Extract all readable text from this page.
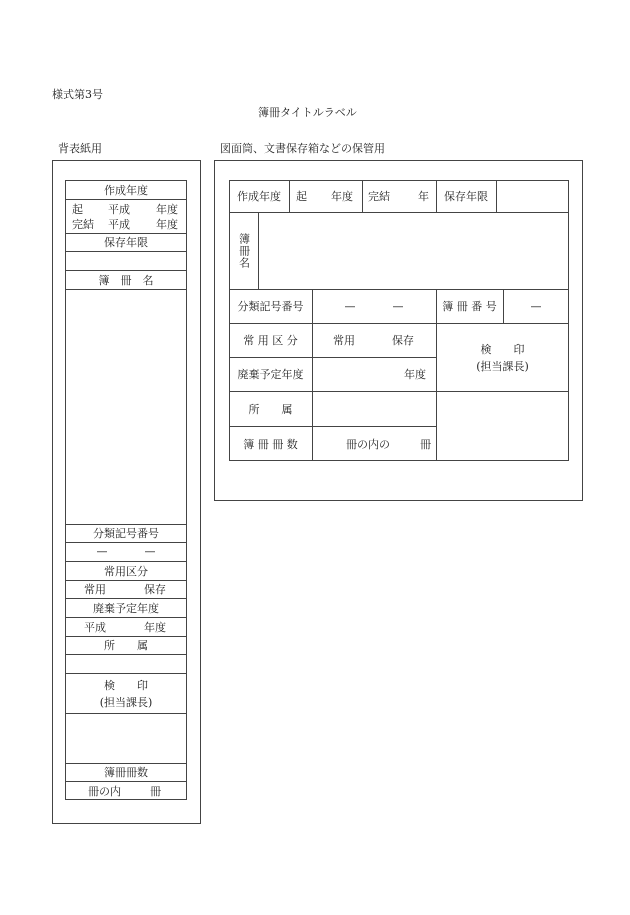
様式第3号
簿冊タイトルラベル
背表紙用	図面筒、文書保存箱などの保管用
作成年度
起	平成	年度
完結	平成	年度
保存年限
簿　冊　名
分類記号番号
—	—
常用区分
常用	保存
廃棄予定年度
平成	年度
所　　属
検　　印
(担当課長)
簿冊冊数
冊の内	冊
作成年度	起	年度	完結	年	保存年限
簿冊名
分類記号番号	—	—	簿 冊 番 号	—
常 用 区 分	常用	保存
検　　印
(担当課長)
廃棄予定年度	年度
所　　属
簿 冊 冊 数	冊の内の	冊
